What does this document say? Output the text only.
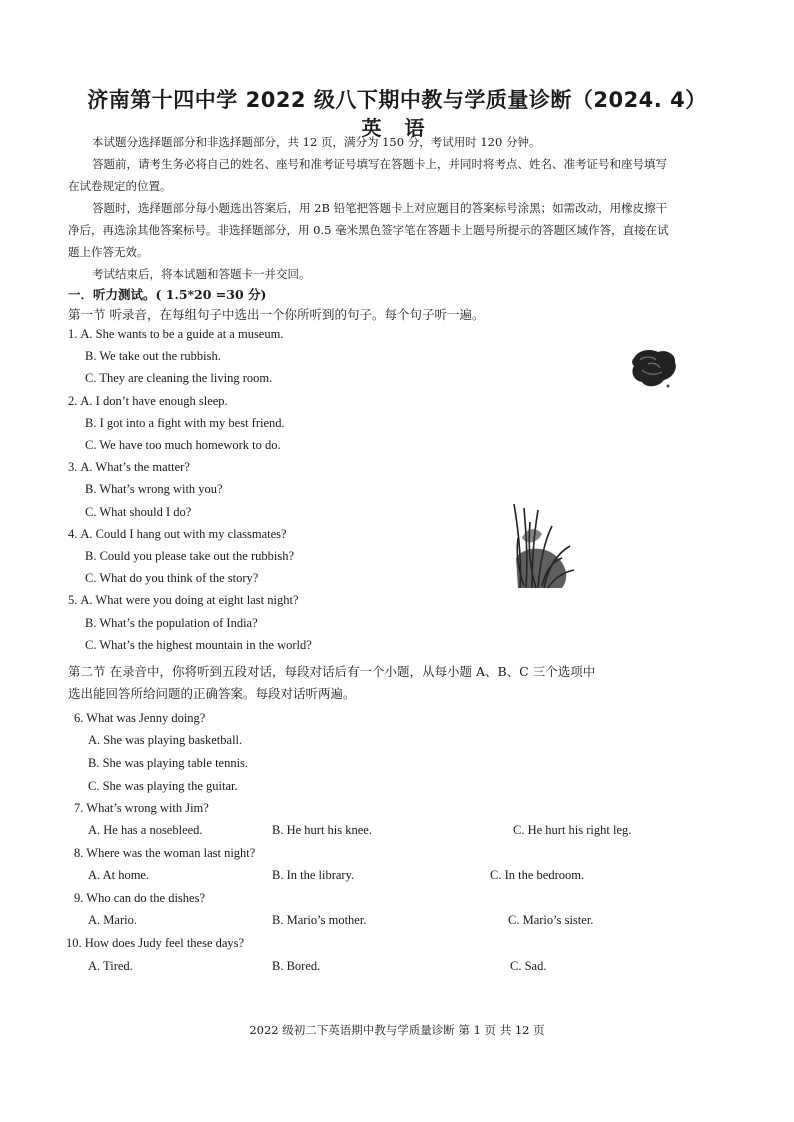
济南第十四中学 2022 级八下期中教与学质量诊断（2024. 4）
英 语
本试题分选择题部分和非选择题部分，共 12 页，满分为 150 分，考试用时 120 分钟。
答题前，请考生务必将自己的姓名、座号和准考证号填写在答题卡上，并同时将考点、姓名、准考证号和座号填写
在试卷规定的位置。
答题时，选择题部分每小题选出答案后，用 2B 铅笔把答题卡上对应题目的答案标号涂黑；如需改动，用橡皮擦干
净后，再选涂其他答案标号。非选择题部分，用 0.5 毫米黑色签字笔在答题卡上题号所提示的答题区域作答，直接在试
题上作答无效。
考试结束后，将本试题和答题卡一并交回。
一．听力测试。( 1.5*20 =30 分)
第一节 听录音，在每组句子中选出一个你所听到的句子。每个句子听一遍。
1. A. She wants to be a guide at a museum.
B. We take out the rubbish.
C. They are cleaning the living room.
2. A. I don’t have enough sleep.
B. I got into a fight with my best friend.
C. We have too much homework to do.
3. A. What’s the matter?
B. What’s wrong with you?
C. What should I do?
4. A. Could I hang out with my classmates?
B. Could you please take out the rubbish?
C. What do you think of the story?
5. A. What were you doing at eight last night?
B. What’s the population of India?
C. What’s the highest mountain in the world?
第二节 在录音中，你将听到五段对话，每段对话后有一个小题，从每小题 A、B、C 三个选项中
选出能回答所给问题的正确答案。每段对话听两遍。
6. What was Jenny doing?
A. She was playing basketball.
B. She was playing table tennis.
C. She was playing the guitar.
7. What’s wrong with Jim?
A. He has a nosebleed.	B. He hurt his knee.	C. He hurt his right leg.
8. Where was the woman last night?
A. At home.	B. In the library.	C. In the bedroom.
9. Who can do the dishes?
A. Mario.	B. Mario’s mother.	C. Mario’s sister.
10. How does Judy feel these days?
A. Tired.	B. Bored.	C. Sad.
2022 级初二下英语期中教与学质量诊断 第 1 页 共 12 页
